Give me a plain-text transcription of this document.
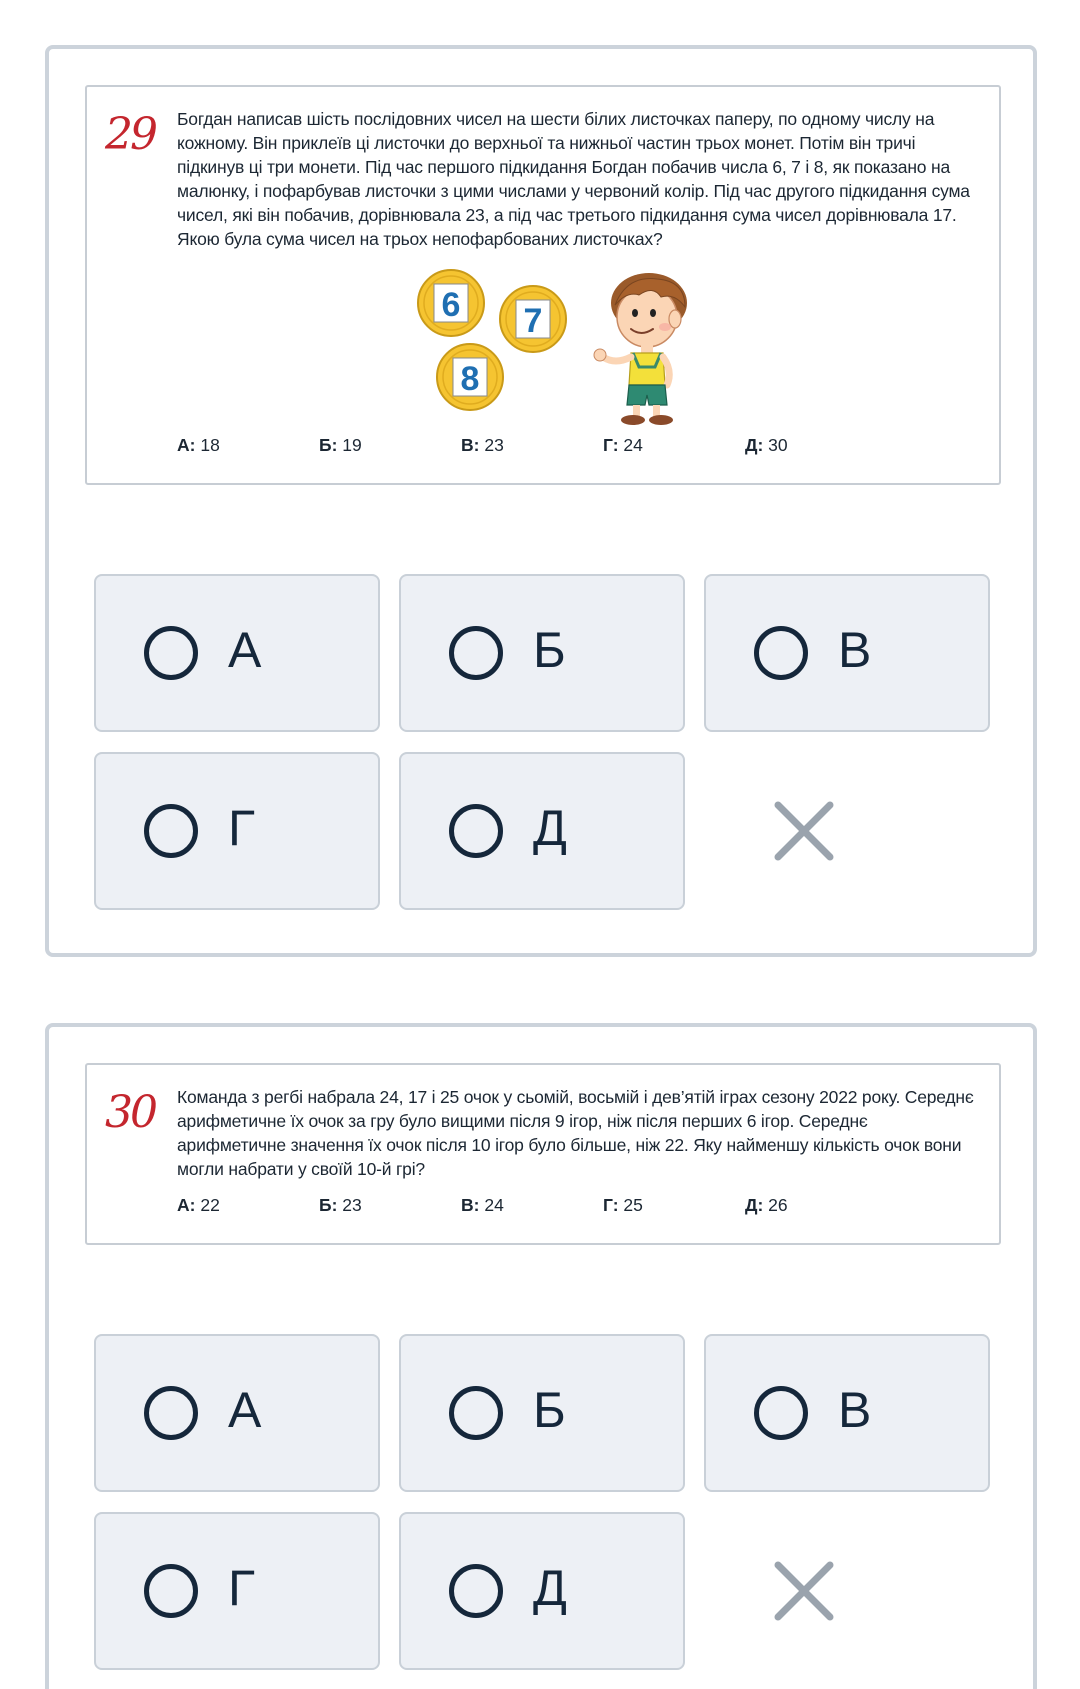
29 Богдан написав шість послідовних чисел на шести білих листочках паперу, по одному числу на кожному. Він приклеїв ці листочки до верхньої та нижньої частин трьох монет. Потім він тричі підкинув ці три монети. Під час першого підкидання Богдан побачив числа 6, 7 і 8, як показано на малюнку, і пофарбував листочки з цими числами у червоний колір. Під час другого підкидання сума чисел, які він побачив, дорівнювала 23, а під час третього підкидання сума чисел дорівнювала 17. Якою була сума чисел на трьох непофарбованих листочках?
6 7
8
А: 18	Б: 19	В: 23	Г: 24	Д: 30
А	Б	В
Г	Д
30 Команда з регбі набрала 24, 17 і 25 очок у сьомій, восьмій і дев’ятій іграх сезону 2022 року. Середнє арифметичне їх очок за гру було вищими після 9 ігор, ніж після перших 6 ігор. Середнє арифметичне значення їх очок після 10 ігор було більше, ніж 22. Яку найменшу кількість очок вони могли набрати у своїй 10-й грі?
А: 22	Б: 23	В: 24	Г: 25	Д: 26
А	Б	В
Г	Д
